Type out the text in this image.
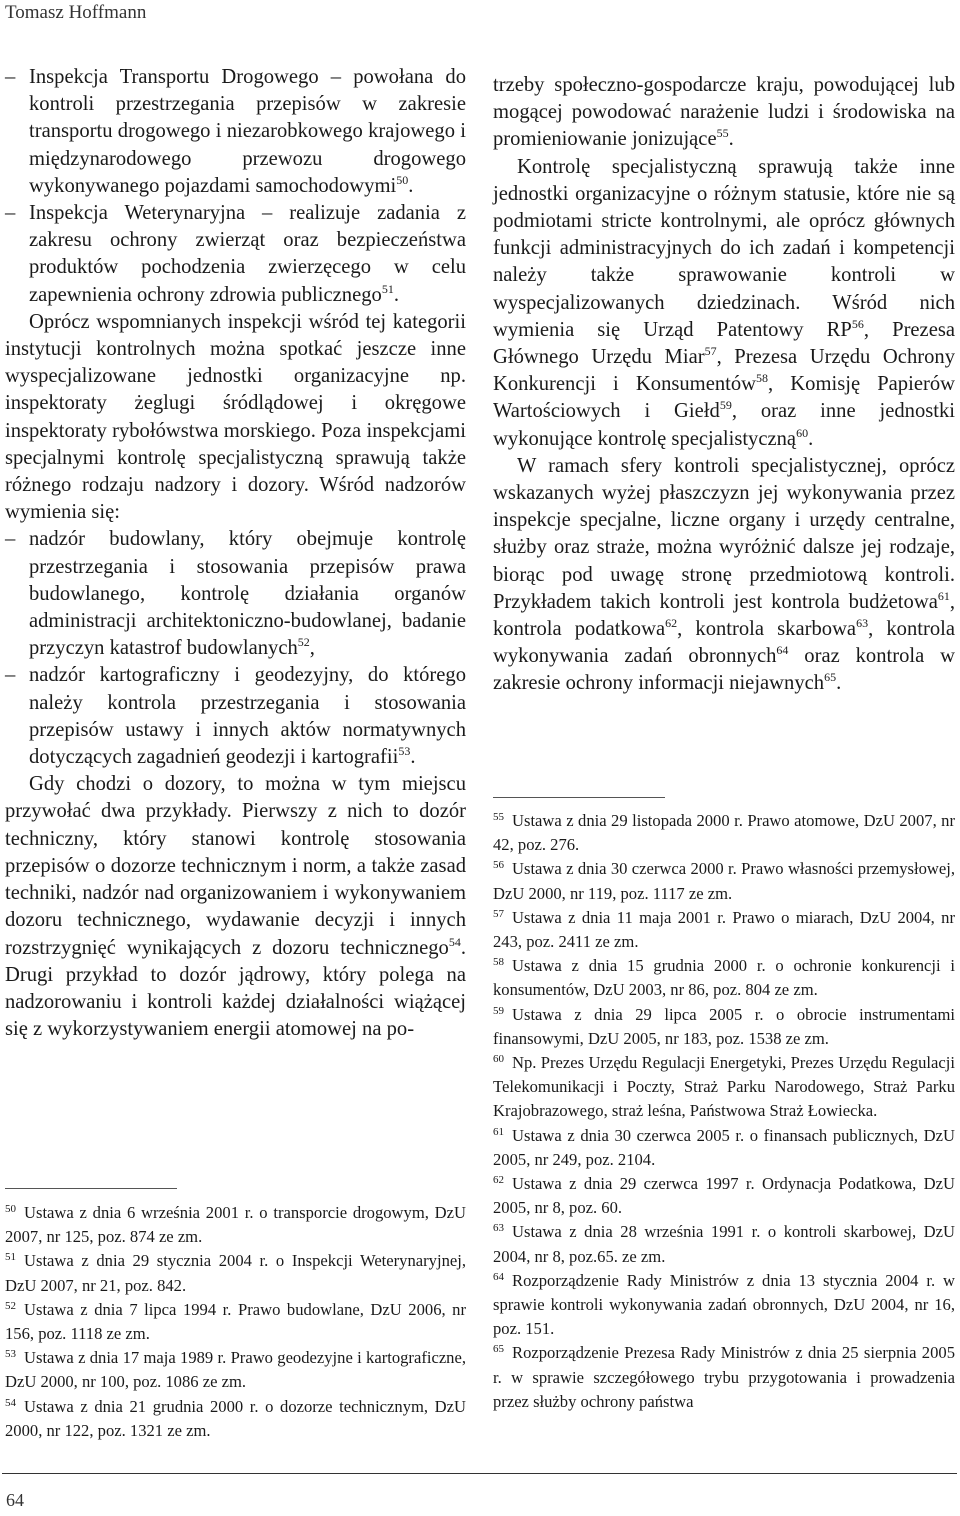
Tomasz Hoffmann
– Inspekcja Transportu Drogowego – powołana do kontroli przestrzegania przepisów w zakresie transportu drogowego i niezarobkowego krajowego i międzynarodowego przewozu drogowego wykonywanego pojazdami samochodowymi$^{50}$.
– Inspekcja Weterynaryjna – realizuje zadania z zakresu ochrony zwierząt oraz bezpieczeństwa produktów pochodzenia zwierzęcego w celu zapewnienia ochrony zdrowia publicznego$^{51}$.

Oprócz wspomnianych inspekcji wśród tej kategorii instytucji kontrolnych można spotkać jeszcze inne wyspecjalizowane jednostki organizacyjne np. inspektoraty żeglugi śródlądowej i okręgowe inspektoraty rybołówstwa morskiego. Poza inspekcjami specjalnymi kontrolę specjalistyczną sprawują także różnego rodzaju nadzory i dozory. Wśród nadzorów wymienia się:

– nadzór budowlany, który obejmuje kontrolę przestrzegania i stosowania przepisów prawa budowlanego, kontrolę działania organów administracji architektoniczno-budowlanej, badanie przyczyn katastrof budowlanych$^{52}$,
– nadzór kartograficzny i geodezyjny, do którego należy kontrola przestrzegania i stosowania przepisów ustawy i innych aktów normatywnych dotyczących zagadnień geodezji i kartografii$^{53}$.

Gdy chodzi o dozory, to można w tym miejscu przywołać dwa przykłady. Pierwszy z nich to dozór techniczny, który stanowi kontrolę stosowania przepisów o dozorze technicznym i norm, a także zasad techniki, nadzór nad organizowaniem i wykonywaniem dozoru technicznego, wydawanie decyzji i innych rozstrzygnięć wynikających z dozoru technicznego$^{54}$. Drugi przykład to dozór jądrowy, który polega na nadzorowaniu i kontroli każdej działalności wiążącej się z wykorzystywaniem energii atomowej na po-

$^{50}$ Ustawa z dnia 6 września 2001 r. o transporcie drogowym, DzU 2007, nr 125, poz. 874 ze zm.

$^{51}$ Ustawa z dnia 29 stycznia 2004 r. o Inspekcji Weterynaryjnej, DzU 2007, nr 21, poz. 842.

$^{52}$ Ustawa z dnia 7 lipca 1994 r. Prawo budowlane, DzU 2006, nr 156, poz. 1118 ze zm.

$^{53}$ Ustawa z dnia 17 maja 1989 r. Prawo geodezyjne i kartograficzne, DzU 2000, nr 100, poz. 1086 ze zm.

$^{54}$ Ustawa z dnia 21 grudnia 2000 r. o dozorze technicznym, DzU 2000, nr 122, poz. 1321 ze zm.

trzeby społeczno-gospodarcze kraju, powodującej lub mogącej powodować narażenie ludzi i środowiska na promieniowanie jonizujące$^{55}$.

Kontrolę specjalistyczną sprawują także inne jednostki organizacyjne o różnym statusie, które nie są podmiotami stricte kontrolnymi, ale oprócz głównych funkcji administracyjnych do ich zadań i kompetencji należy także sprawowanie kontroli w wyspecjalizowanych dziedzinach. Wśród nich wymienia się Urząd Patentowy RP$^{56}$, Prezesa Głównego Urzędu Miar$^{57}$, Prezesa Urzędu Ochrony Konkurencji i Konsumentów$^{58}$, Komisję Papierów Wartościowych i Giełd$^{59}$, oraz inne jednostki wykonujące kontrolę specjalistyczną$^{60}$.

W ramach sfery kontroli specjalistycznej, oprócz wskazanych wyżej płaszczyzn jej wykonywania przez inspekcje specjalne, liczne organy i urzędy centralne, służby oraz straże, można wyróżnić dalsze jej rodzaje, biorąc pod uwagę stronę przedmiotową kontroli. Przykładem takich kontroli jest kontrola budżetowa$^{61}$, kontrola podatkowa$^{62}$, kontrola skarbowa$^{63}$, kontrola wykonywania zadań obronnych$^{64}$ oraz kontrola w zakresie ochrony informacji niejawnych$^{65}$.

$^{55}$ Ustawa z dnia 29 listopada 2000 r. Prawo atomowe, DzU 2007, nr 42, poz. 276.

$^{56}$ Ustawa z dnia 30 czerwca 2000 r. Prawo własności przemysłowej, DzU 2000, nr 119, poz. 1117 ze zm.

$^{57}$ Ustawa z dnia 11 maja 2001 r. Prawo o miarach, DzU 2004, nr 243, poz. 2411 ze zm.

$^{58}$ Ustawa z dnia 15 grudnia 2000 r. o ochronie konkurencji i konsumentów, DzU 2003, nr 86, poz. 804 ze zm.

$^{59}$ Ustawa z dnia 29 lipca 2005 r. o obrocie instrumentami finansowymi, DzU 2005, nr 183, poz. 1538 ze zm.

$^{60}$ Np. Prezes Urzędu Regulacji Energetyki, Prezes Urzędu Regulacji Telekomunikacji i Poczty, Straż Parku Narodowego, Straż Parku Krajobrazowego, straż leśna, Państwowa Straż Łowiecka.

$^{61}$ Ustawa z dnia 30 czerwca 2005 r. o finansach publicznych, DzU 2005, nr 249, poz. 2104.

$^{62}$ Ustawa z dnia 29 czerwca 1997 r. Ordynacja Podatkowa, DzU 2005, nr 8, poz. 60.

$^{63}$ Ustawa z dnia 28 września 1991 r. o kontroli skarbowej, DzU 2004, nr 8, poz.65. ze zm.

$^{64}$ Rozporządzenie Rady Ministrów z dnia 13 stycznia 2004 r. w sprawie kontroli wykonywania zadań obronnych, DzU 2004, nr 16, poz. 151.

$^{65}$ Rozporządzenie Prezesa Rady Ministrów z dnia 25 sierpnia 2005 r. w sprawie szczegółowego trybu przygotowania i prowadzenia przez służby ochrony państwa

64
